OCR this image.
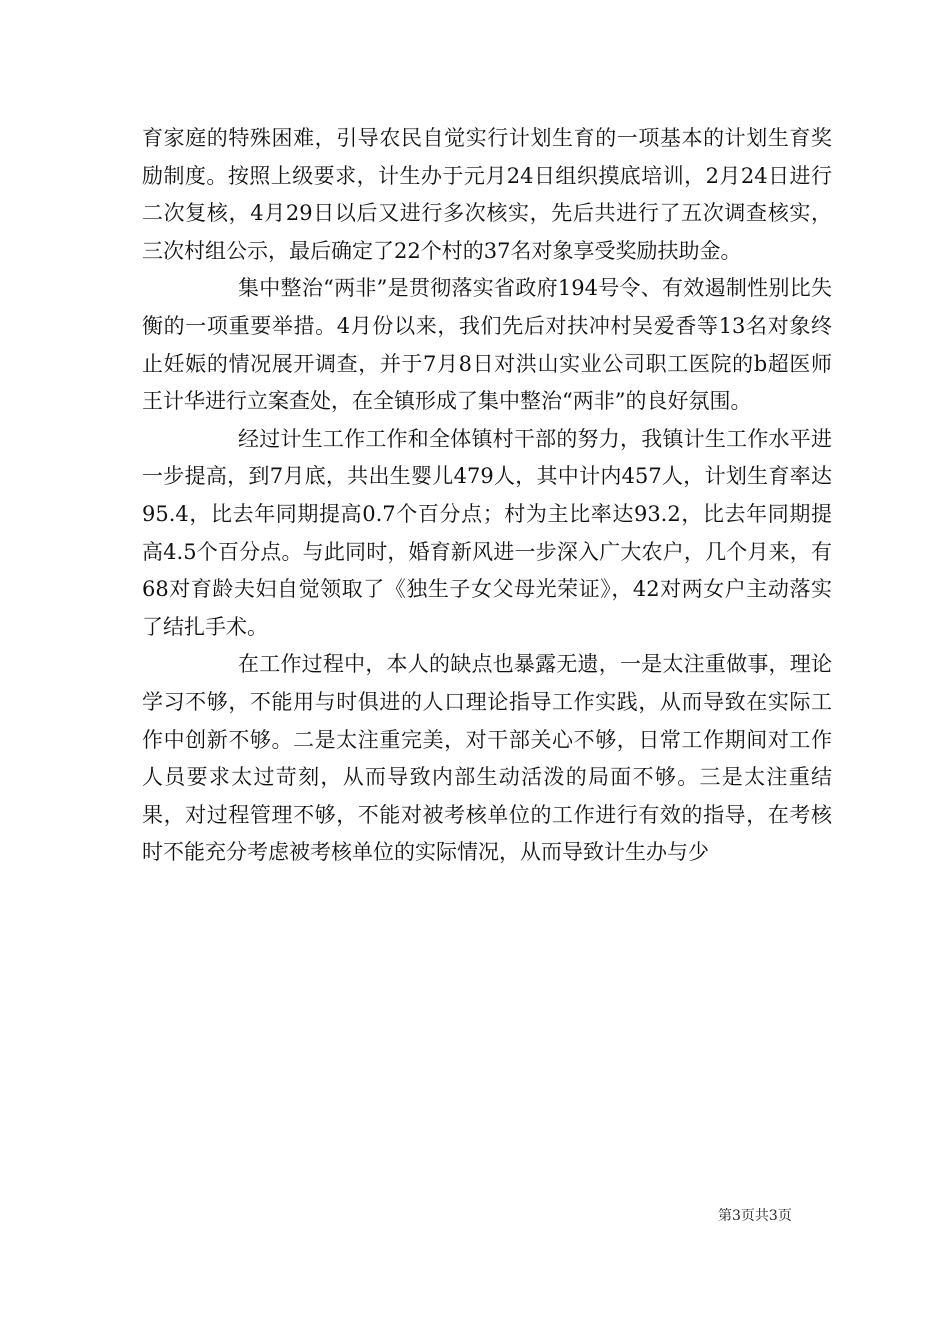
育家庭的特殊困难，引导农民自觉实行计划生育的一项基本的计划生育奖励制度。按照上级要求，计生办于元月24日组织摸底培训，2月24日进行二次复核，4月29日以后又进行多次核实，先后共进行了五次调查核实，三次村组公示，最后确定了22个村的37名对象享受奖励扶助金。

集中整治“两非”是贯彻落实省政府194号令、有效遏制性别比失衡的一项重要举措。4月份以来，我们先后对扶冲村吴爱香等13名对象终止妊娠的情况展开调查，并于7月8日对洪山实业公司职工医院的b超医师王计华进行立案查处，在全镇形成了集中整治“两非”的良好氛围。

经过计生工作工作和全体镇村干部的努力，我镇计生工作水平进一步提高，到7月底，共出生婴儿479人，其中计内457人，计划生育率达95.4，比去年同期提高0.7个百分点；村为主比率达93.2，比去年同期提高4.5个百分点。与此同时，婚育新风进一步深入广大农户，几个月来，有68对育龄夫妇自觉领取了《独生子女父母光荣证》，42对两女户主动落实了结扎手术。

在工作过程中，本人的缺点也暴露无遗，一是太注重做事，理论学习不够，不能用与时俱进的人口理论指导工作实践，从而导致在实际工作中创新不够。二是太注重完美，对干部关心不够，日常工作期间对工作人员要求太过苛刻，从而导致内部生动活泼的局面不够。三是太注重结果，对过程管理不够，不能对被考核单位的工作进行有效的指导，在考核时不能充分考虑被考核单位的实际情况，从而导致计生办与少

第3页共3页
